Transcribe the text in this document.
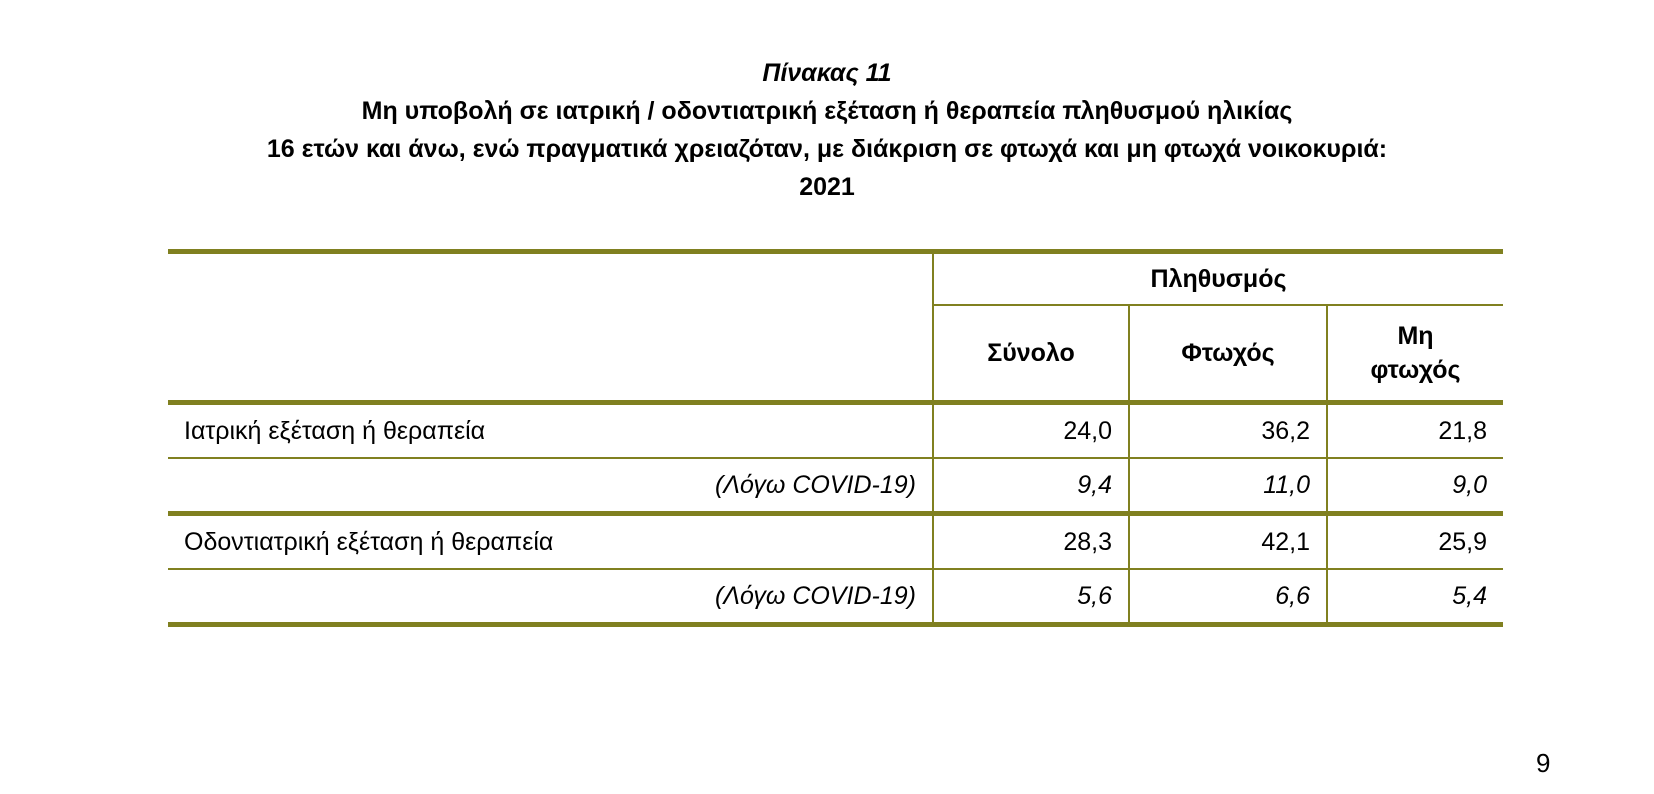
Πίνακας 11
Μη υποβολή σε ιατρική / οδοντιατρική εξέταση ή θεραπεία πληθυσμού ηλικίας
16 ετών και άνω, ενώ πραγματικά χρειαζόταν, με διάκριση σε φτωχά και μη φτωχά νοικοκυριά:
2021
	Πληθυσμός		
	Σύνολο	Φτωχός	Μη
φτωχός
Ιατρική εξέταση ή θεραπεία	24,0	36,2	21,8
(Λόγω COVID-19)	9,4	11,0	9,0
Οδοντιατρική εξέταση ή θεραπεία	28,3	42,1	25,9
(Λόγω COVID-19)	5,6	6,6	5,4
9
